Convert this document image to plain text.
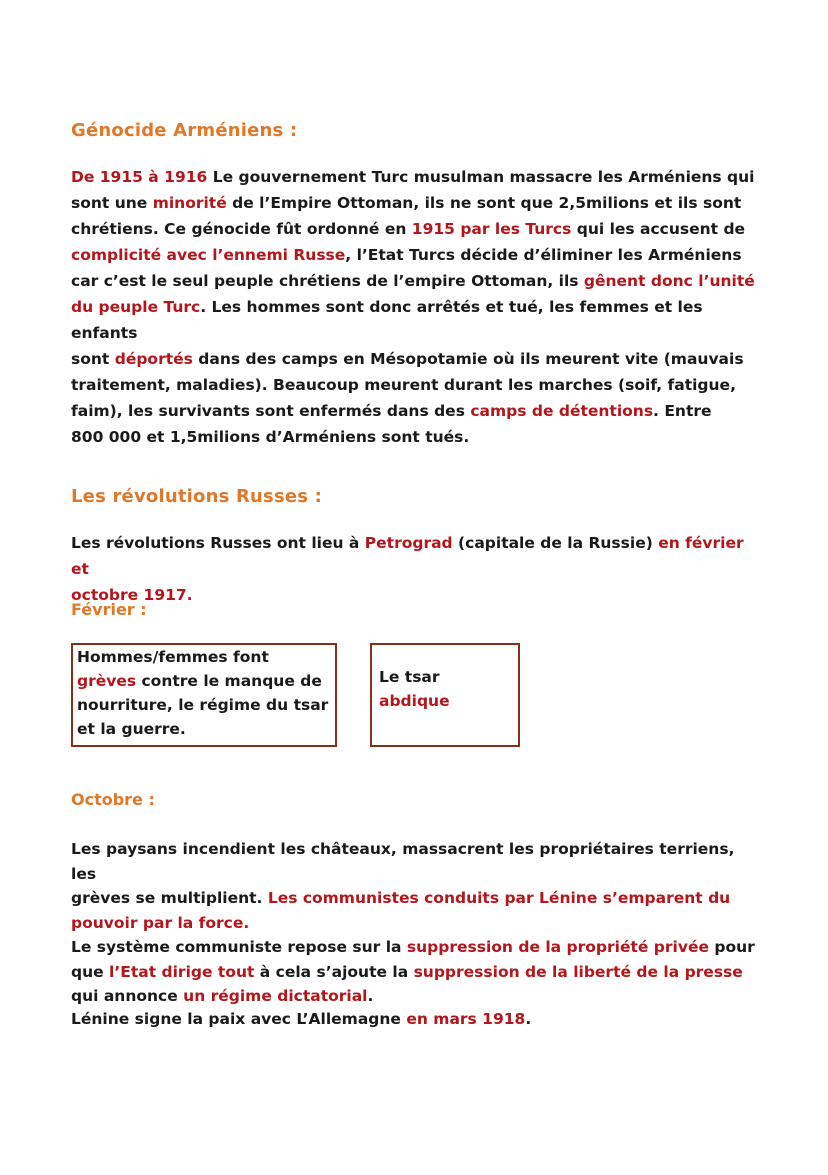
Génocide Arméniens :

De 1915 à 1916 Le gouvernement Turc musulman massacre les Arméniens qui
sont une minorité de l’Empire Ottoman, ils ne sont que 2,5milions et ils sont
chrétiens. Ce génocide fût ordonné en 1915 par les Turcs qui les accusent de
complicité avec l’ennemi Russe, l’Etat Turcs décide d’éliminer les Arméniens
car c’est le seul peuple chrétiens de l’empire Ottoman, ils gênent donc l’unité
du peuple Turc. Les hommes sont donc arrêtés et tué, les femmes et les enfants
sont déportés dans des camps en Mésopotamie où ils meurent vite (mauvais
traitement, maladies). Beaucoup meurent durant les marches (soif, fatigue,
faim), les survivants sont enfermés dans des camps de détentions. Entre
800 000 et 1,5milions d’Arméniens sont tués.

Les révolutions Russes :

Les révolutions Russes ont lieu à Petrograd (capitale de la Russie) en février et
octobre 1917.

Février :
Hommes/femmes font
grèves contre le manque de
nourriture, le régime du tsar
et la guerre.
Le tsar abdique
Octobre :

Les paysans incendient les châteaux, massacrent les propriétaires terriens, les
grèves se multiplient. Les communistes conduits par Lénine s’emparent du
pouvoir par la force.
Le système communiste repose sur la suppression de la propriété privée pour
que l’Etat dirige tout à cela s’ajoute la suppression de la liberté de la presse
qui annonce un régime dictatorial.

Lénine signe la paix avec L’Allemagne en mars 1918.
